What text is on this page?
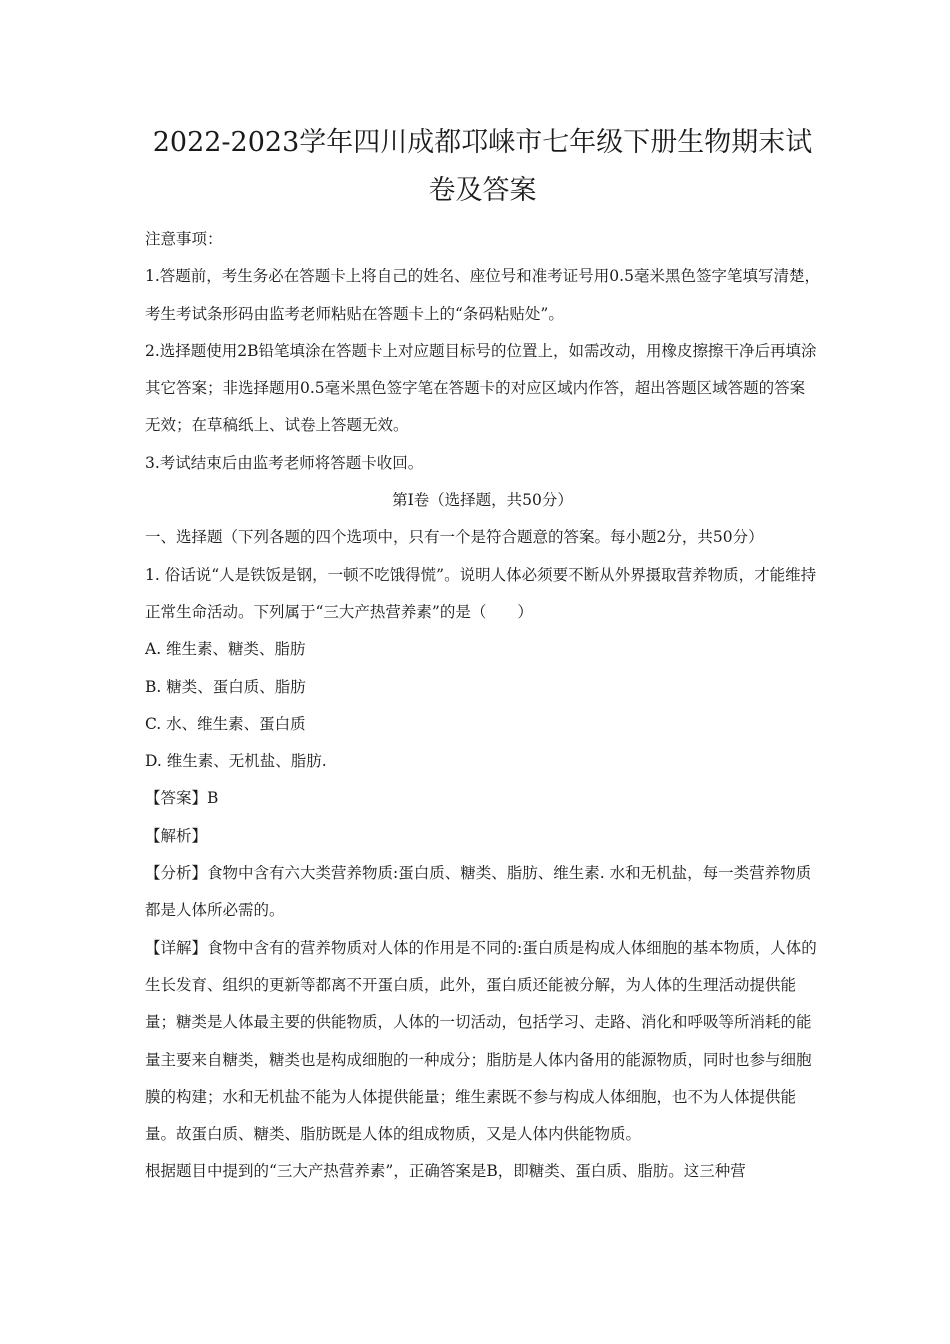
2022-2023学年四川成都邛崃市七年级下册生物期末试卷及答案

注意事项：

1.答题前，考生务必在答题卡上将自己的姓名、座位号和准考证号用0.5毫米黑色签字笔填写清楚，考生考试条形码由监考老师粘贴在答题卡上的“条码粘贴处”。

2.选择题使用2B铅笔填涂在答题卡上对应题目标号的位置上，如需改动，用橡皮擦擦干净后再填涂其它答案；非选择题用0.5毫米黑色签字笔在答题卡的对应区域内作答，超出答题区域答题的答案无效；在草稿纸上、试卷上答题无效。

3.考试结束后由监考老师将答题卡收回。

第Ⅰ卷（选择题，共50分）

一、选择题（下列各题的四个选项中，只有一个是符合题意的答案。每小题2分，共50分）

1. 俗话说“人是铁饭是钢，一顿不吃饿得慌”。说明人体必须要不断从外界摄取营养物质，才能维持正常生命活动。下列属于“三大产热营养素”的是（　　）

A. 维生素、糖类、脂肪

B. 糖类、蛋白质、脂肪

C. 水、维生素、蛋白质

D. 维生素、无机盐、脂肪.

【答案】B

【解析】

【分析】食物中含有六大类营养物质:蛋白质、糖类、脂肪、维生素. 水和无机盐，每一类营养物质都是人体所必需的。

【详解】食物中含有的营养物质对人体的作用是不同的:蛋白质是构成人体细胞的基本物质，人体的生长发育、组织的更新等都离不开蛋白质，此外，蛋白质还能被分解，为人体的生理活动提供能量；糖类是人体最主要的供能物质，人体的一切活动，包括学习、走路、消化和呼吸等所消耗的能量主要来自糖类，糖类也是构成细胞的一种成分；脂肪是人体内备用的能源物质，同时也参与细胞膜的构建；水和无机盐不能为人体提供能量；维生素既不参与构成人体细胞，也不为人体提供能量。故蛋白质、糖类、脂肪既是人体的组成物质，又是人体内供能物质。

根据题目中提到的“三大产热营养素”，正确答案是B，即糖类、蛋白质、脂肪。这三种营
